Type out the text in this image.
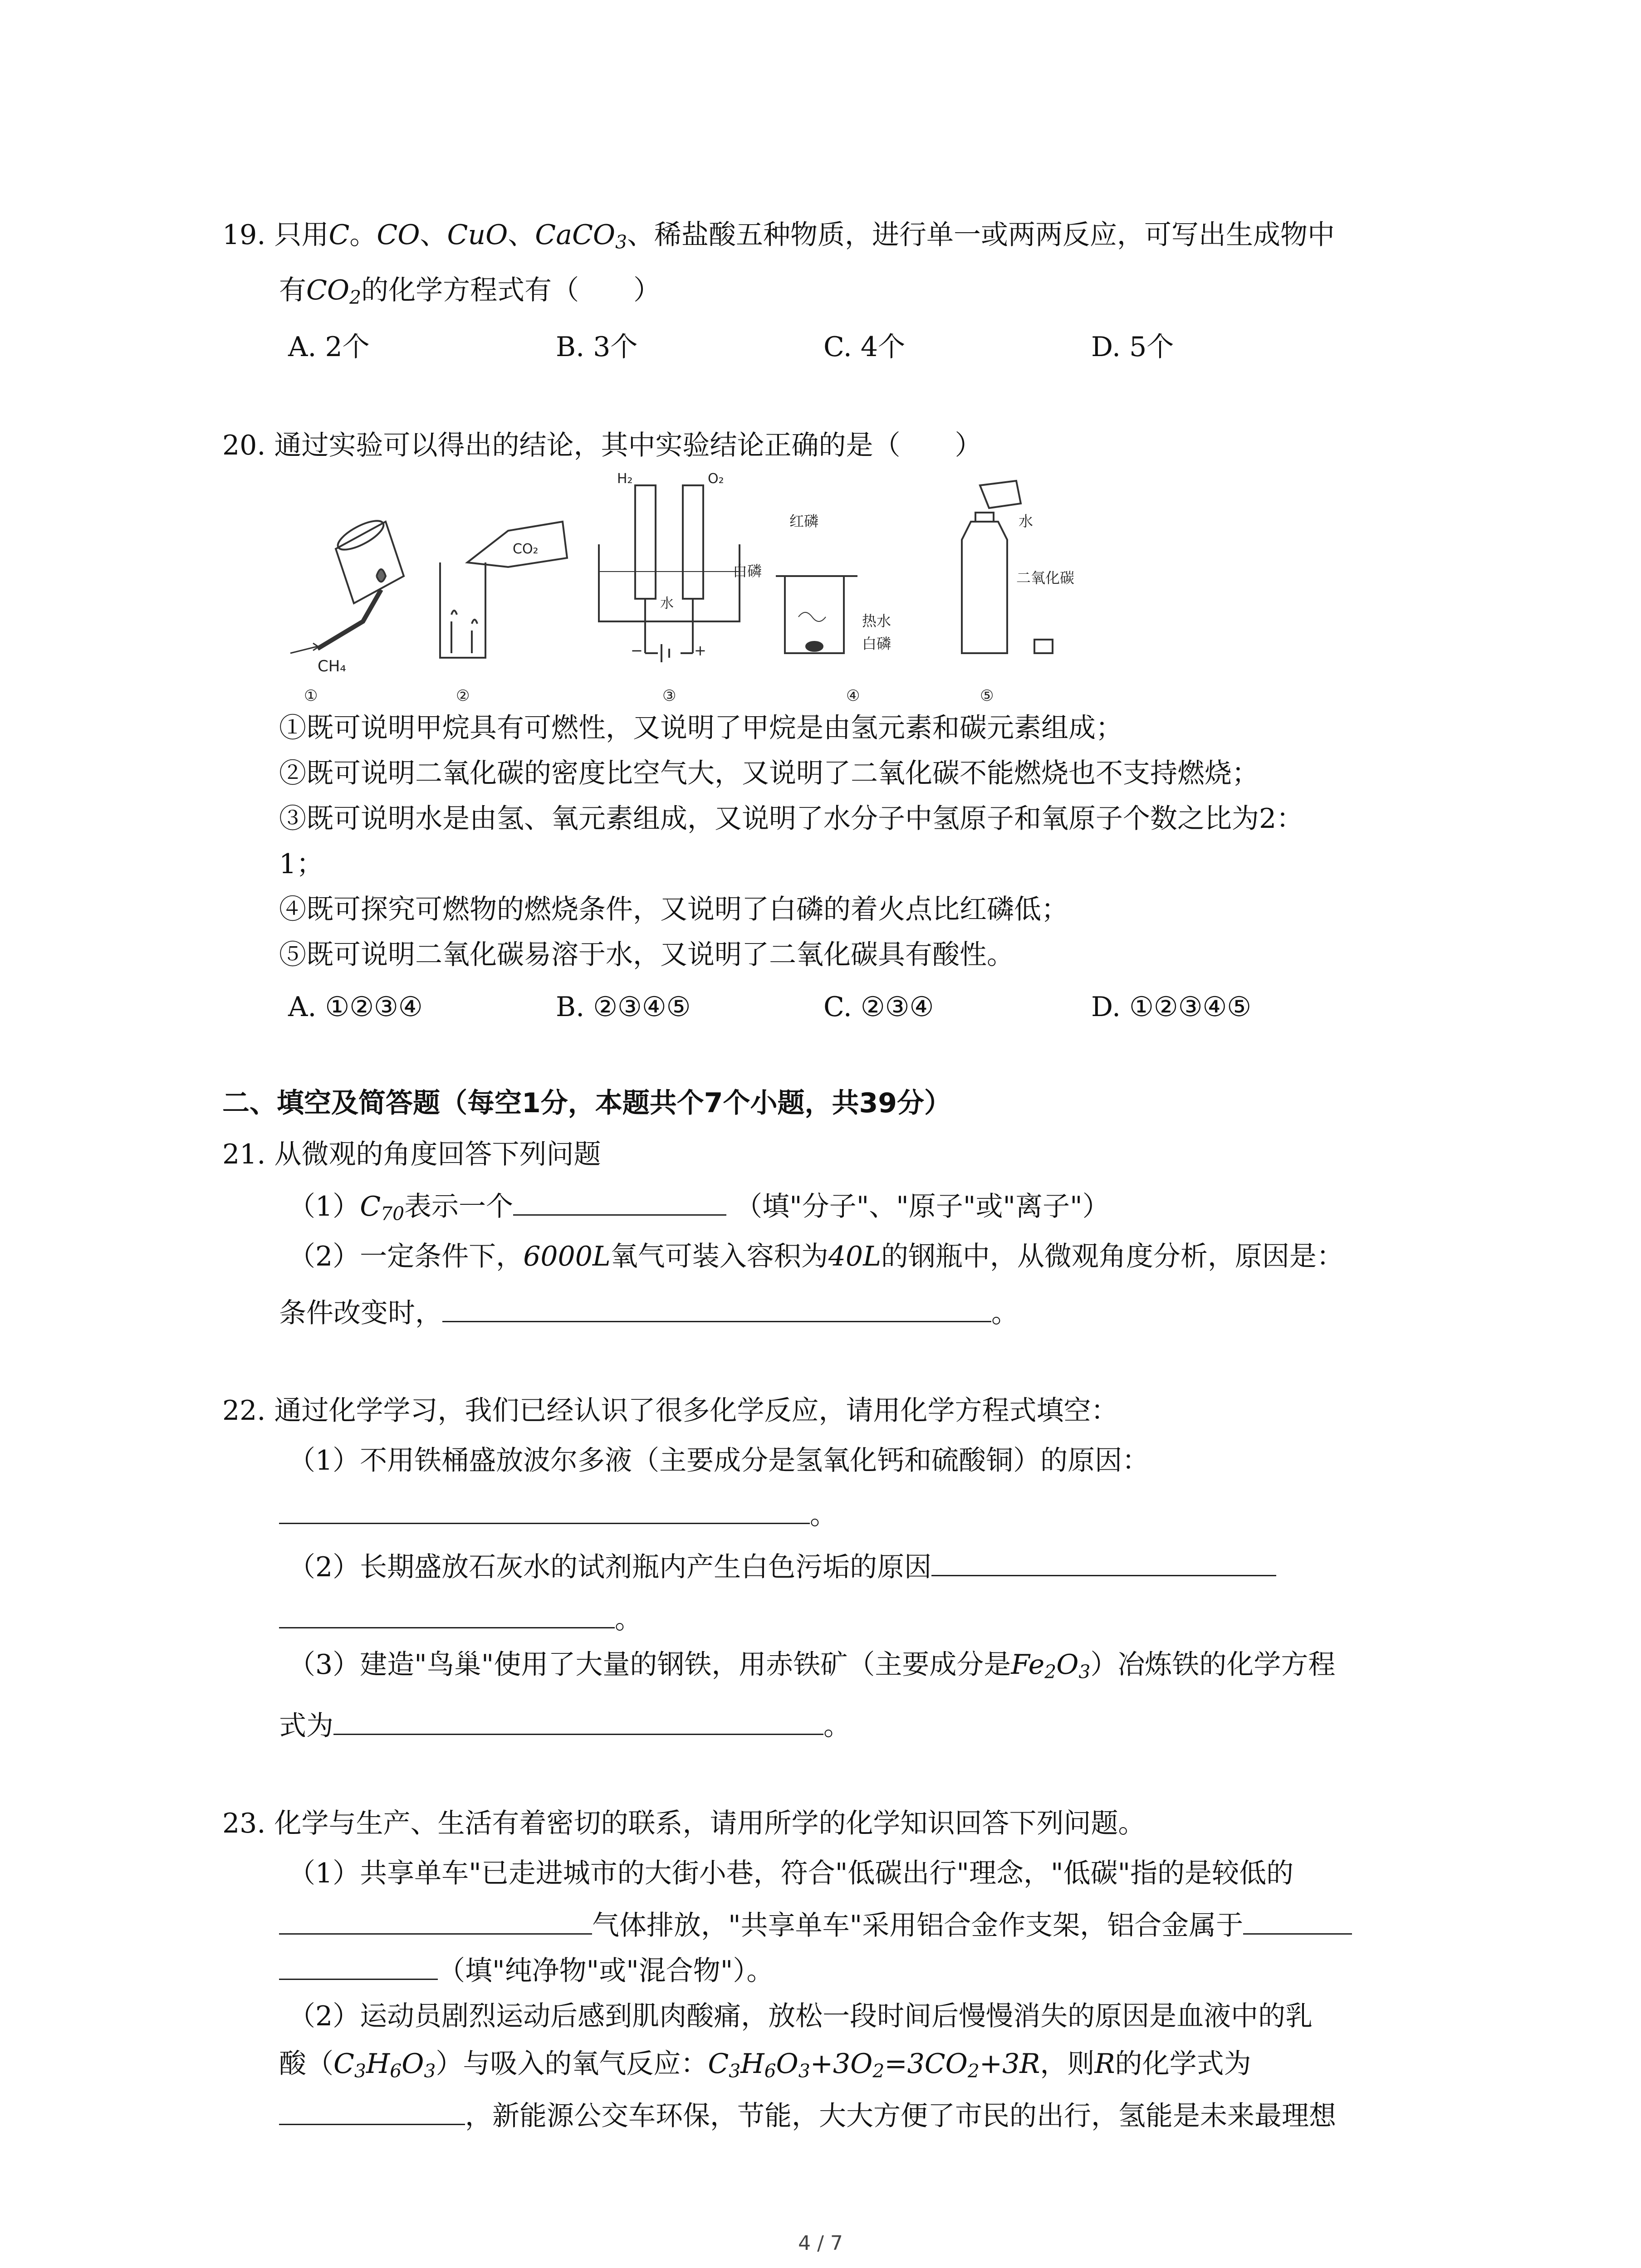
19. 只用C。CO、CuO、CaCO$_3$、稀盐酸五种物质，进行单一或两两反应，可写出生成物中
有$CO_2$的化学方程式有（　　）
A. 2个	B. 3个	C. 4个	D. 5个
20. 通过实验可以得出的结论，其中实验结论正确的是（　　）
CH₄
CO₂
H₂	O₂
水
−	+
红磷
白磷
热水
白磷
水
二氧化碳
①	②	③	④	⑤
①既可说明甲烷具有可燃性，又说明了甲烷是由氢元素和碳元素组成；
②既可说明二氧化碳的密度比空气大，又说明了二氧化碳不能燃烧也不支持燃烧；
③既可说明水是由氢、氧元素组成，又说明了水分子中氢原子和氧原子个数之比为2：
1；
④既可探究可燃物的燃烧条件，又说明了白磷的着火点比红磷低；
⑤既可说明二氧化碳易溶于水，又说明了二氧化碳具有酸性。
A. ①②③④	B. ②③④⑤	C. ②③④	D. ①②③④⑤
二、填空及简答题（每空1分，本题共个7个小题，共39分）
21. 从微观的角度回答下列问题
$(1)C_{70}$表示一个	（填"分子"、"原子"或"离子"）
（2）一定条件下，6000L氧气可装入容积为40L的钢瓶中，从微观角度分析，原因是：
条件改变时，	。
22. 通过化学学习，我们已经认识了很多化学反应，请用化学方程式填空：
（1）不用铁桶盛放波尔多液（主要成分是氢氧化钙和硫酸铜）的原因：
。
（2）长期盛放石灰水的试剂瓶内产生白色污垢的原因
。
（3）建造"鸟巢"使用了大量的钢铁，用赤铁矿（主要成分是$Fe_2O_3$）冶炼铁的化学方程
式为	。
23. 化学与生产、生活有着密切的联系，请用所学的化学知识回答下列问题。
（1）共享单车"已走进城市的大街小巷，符合"低碳出行"理念，"低碳"指的是较低的
气体排放，"共享单车"采用铝合金作支架，铝合金属于
（填"纯净物"或"混合物"）。
（2）运动员剧烈运动后感到肌肉酸痛，放松一段时间后慢慢消失的原因是血液中的乳
酸$(C_3H_6O_3)$与吸入的氧气反应：$C_3H_6O_3+3O_2=3CO_2+3R$，则R的化学式为
，新能源公交车环保，节能，大大方便了市民的出行，氢能是未来最理想
4 / 7
